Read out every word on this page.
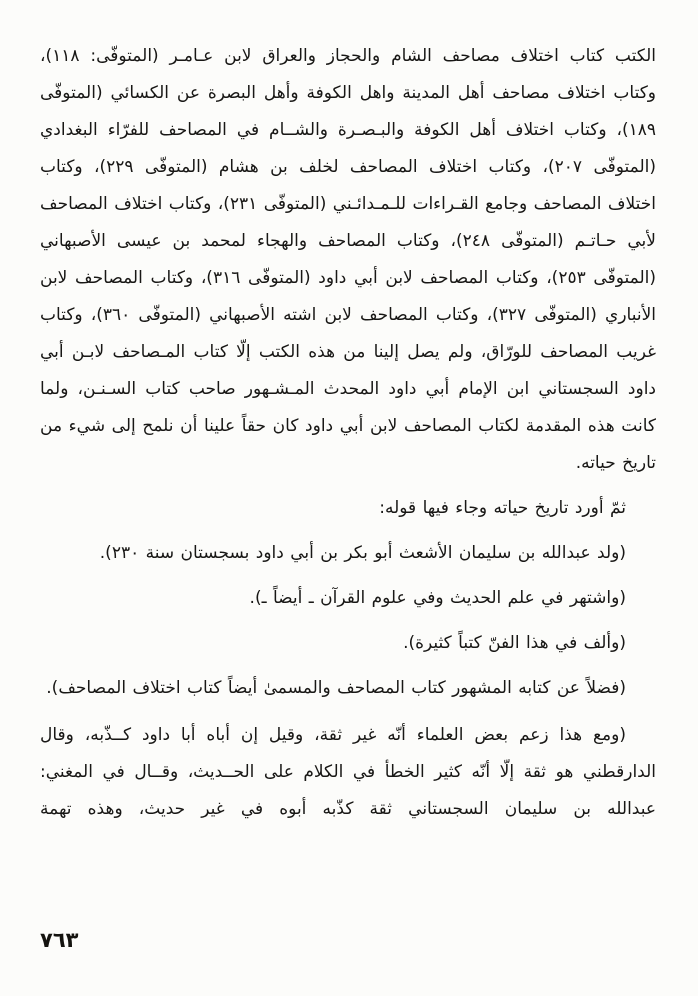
الكتب كتاب اختلاف مصاحف الشام والحجاز والعراق لابن عـامـر (المتوفّى: ١١٨)، وكتاب اختلاف مصاحف أهل المدينة واهل الكوفة وأهل البصرة عن الكسائي (المتوفّى ١٨٩)، وكتاب اختلاف أهل الكوفة والبـصـرة والشــام في المصاحف للفرّاء البغدادي (المتوفّى ٢٠٧)، وكتاب اختلاف المصاحف لخلف بن هشام (المتوفّى ٢٢٩)، وكتاب اختلاف المصاحف وجامع القـراءات للـمـدائـني (المتوفّى ٢٣١)، وكتاب اختلاف المصاحف لأبي حـاتـم (المتوفّى ٢٤٨)، وكتاب المصاحف والهجاء لمحمد بن عيسى الأصبهاني (المتوفّى ٢٥٣)، وكتاب المصاحف لابن أبي داود (المتوفّى ٣١٦)، وكتاب المصاحف لابن الأنباري (المتوفّى ٣٢٧)، وكتاب المصاحف لابن اشته الأصبهاني (المتوفّى ٣٦٠)، وكتاب غريب المصاحف للورّاق، ولم يصل إلينا من هذه الكتب إلّا كتاب المـصاحف لابـن أبي داود السجستاني ابن الإمام أبي داود المحدث المـشـهور صاحب كتاب السـنـن، ولما كانت هذه المقدمة لكتاب المصاحف لابن أبي داود كان حقاً علينا أن نلمح إلى شيء من تاريخ حياته.

ثمّ أورد تاريخ حياته وجاء فيها قوله:

(ولد عبدالله بن سليمان الأشعث أبو بكر بن أبي داود بسجستان سنة ٢٣٠).

(واشتهر في علم الحديث وفي علوم القرآن ـ أيضاً ـ).

(وألف في هذا الفنّ كتباً كثيرة).

(فضلاً عن كتابه المشهور كتاب المصاحف والمسمىٰ أيضاً كتاب اختلاف المصاحف).

(ومع هذا زعم بعض العلماء أنّه غير ثقة، وقيل إن أباه أبا داود كــذّبه، وقال الدارقطني هو ثقة إلّا أنّه كثير الخطأ في الكلام على الحــديث، وقــال في المغني: عبدالله بن سليمان السجستاني ثقة كذّبه أبوه في غير حديث، وهذه تهمة

٧٦٣
